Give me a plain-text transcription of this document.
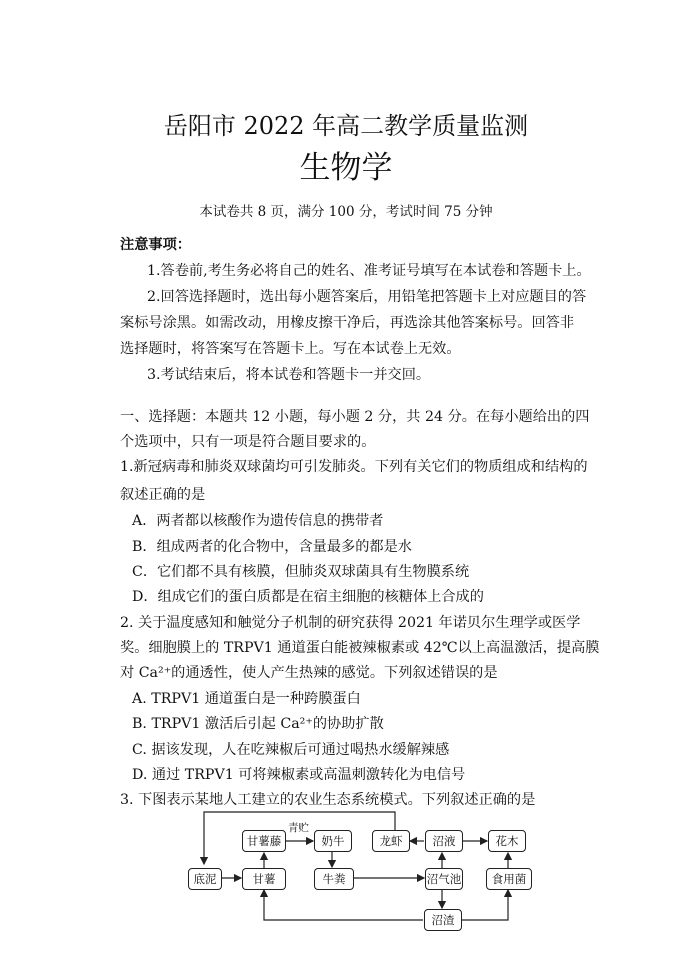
岳阳市 2022 年高二教学质量监测
生物学
本试卷共 8 页，满分 100 分，考试时间 75 分钟
注意事项：
1.答卷前,考生务必将自己的姓名、准考证号填写在本试卷和答题卡上。
2.回答选择题时，选出每小题答案后，用铅笔把答题卡上对应题目的答
案标号涂黑。如需改动，用橡皮擦干净后，再选涂其他答案标号。回答非
选择题时，将答案写在答题卡上。写在本试卷上无效。
3.考试结束后，将本试卷和答题卡一并交回。
一、选择题：本题共 12 小题，每小题 2 分，共 24 分。在每小题给出的四
个选项中，只有一项是符合题目要求的。
1.新冠病毒和肺炎双球菌均可引发肺炎。下列有关它们的物质组成和结构的
叙述正确的是
A．两者都以核酸作为遗传信息的携带者
B．组成两者的化合物中，含量最多的都是水
C．它们都不具有核膜，但肺炎双球菌具有生物膜系统
D．组成它们的蛋白质都是在宿主细胞的核糖体上合成的
2. 关于温度感知和触觉分子机制的研究获得 2021 年诺贝尔生理学或医学
奖。细胞膜上的 TRPV1 通道蛋白能被辣椒素或 42℃以上高温激活，提高膜
对 Ca²⁺的通透性，使人产生热辣的感觉。下列叙述错误的是
A. TRPV1 通道蛋白是一种跨膜蛋白
B. TRPV1 激活后引起 Ca²⁺的协助扩散
C. 据该发现，人在吃辣椒后可通过喝热水缓解辣感
D. 通过 TRPV1 可将辣椒素或高温刺激转化为电信号
3. 下图表示某地人工建立的农业生态系统模式。下列叙述正确的是
底泥
甘薯藤
甘薯
奶牛
牛粪
龙虾	沼液
沼气池
沼渣
花木
食用菌
青贮
